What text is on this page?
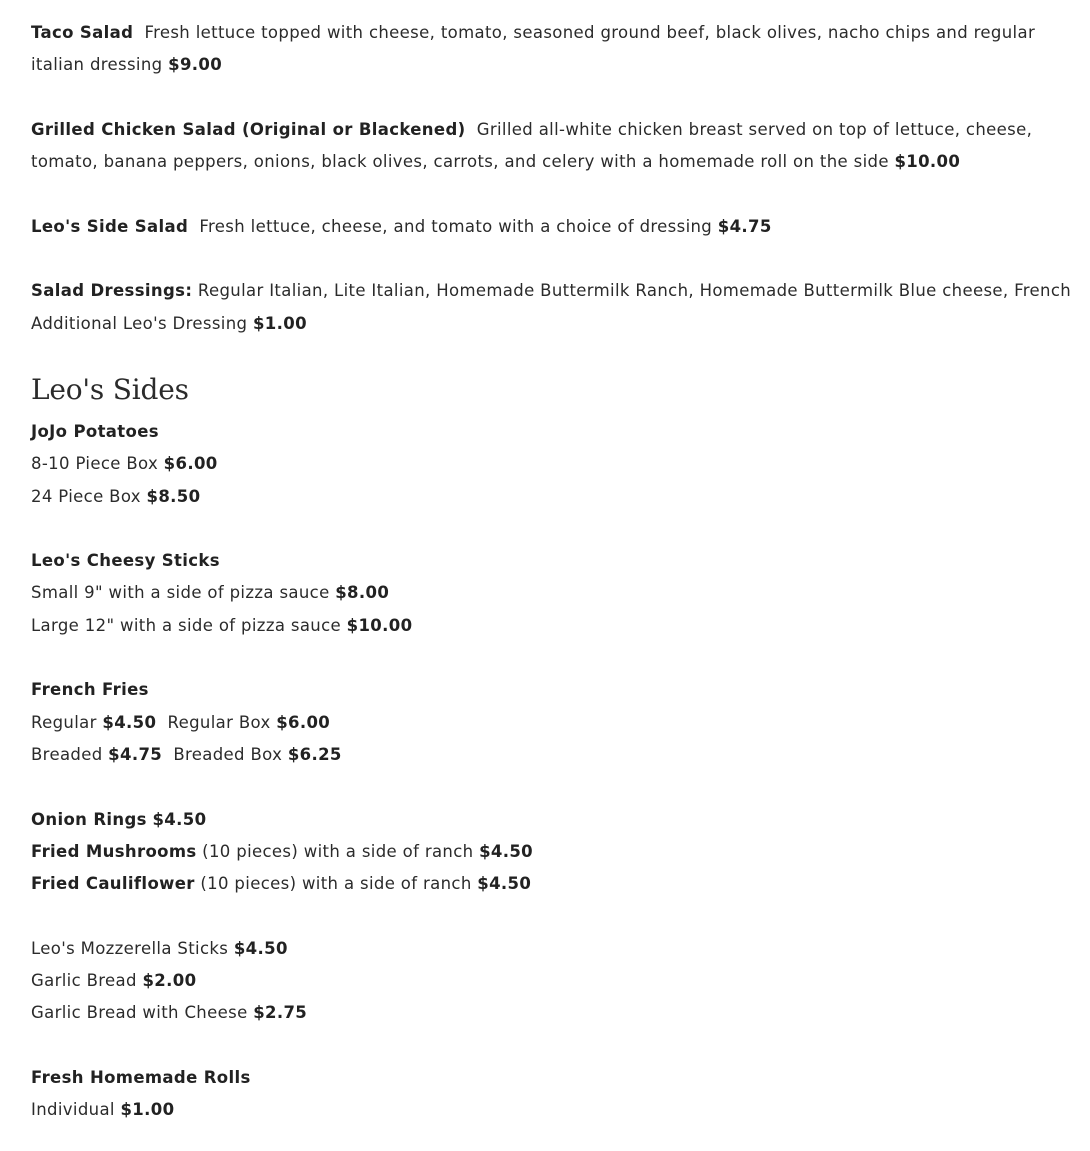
Taco Salad Fresh lettuce topped with cheese, tomato, seasoned ground beef, black olives, nacho chips and regular italian dressing $9.00
Grilled Chicken Salad (Original or Blackened) Grilled all-white chicken breast served on top of lettuce, cheese, tomato, banana peppers, onions, black olives, carrots, and celery with a homemade roll on the side $10.00
Leo's Side Salad Fresh lettuce, cheese, and tomato with a choice of dressing $4.75
Salad Dressings: Regular Italian, Lite Italian, Homemade Buttermilk Ranch, Homemade Buttermilk Blue cheese, French
Additional Leo's Dressing $1.00
Leo's Sides
JoJo Potatoes
8-10 Piece Box $6.00
24 Piece Box $8.50
Leo's Cheesy Sticks
Small 9" with a side of pizza sauce $8.00
Large 12" with a side of pizza sauce $10.00
French Fries
Regular $4.50 Regular Box $6.00
Breaded $4.75 Breaded Box $6.25
Onion Rings $4.50
Fried Mushrooms (10 pieces) with a side of ranch $4.50
Fried Cauliflower (10 pieces) with a side of ranch $4.50
Leo's Mozzerella Sticks $4.50
Garlic Bread $2.00
Garlic Bread with Cheese $2.75
Fresh Homemade Rolls
Individual $1.00
